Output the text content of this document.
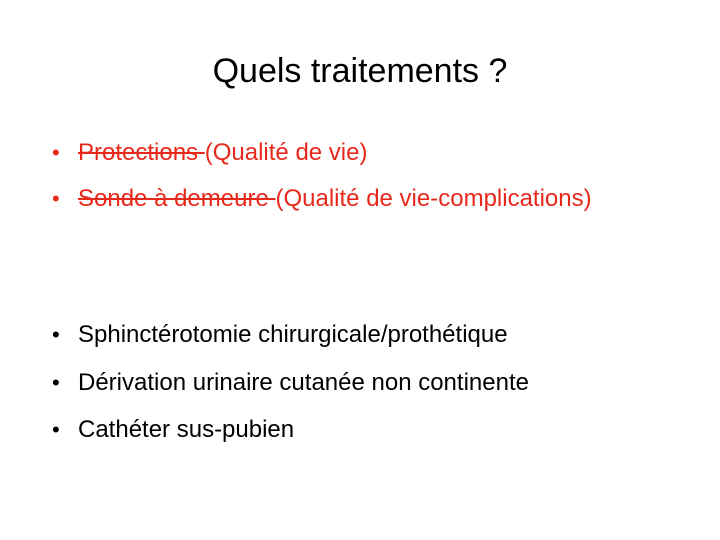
Quels traitements ?
• Protections (Qualité de vie)
• Sonde à demeure (Qualité de vie-complications)
• Sphinctérotomie chirurgicale/prothétique
• Dérivation urinaire cutanée non continente
• Cathéter sus-pubien
